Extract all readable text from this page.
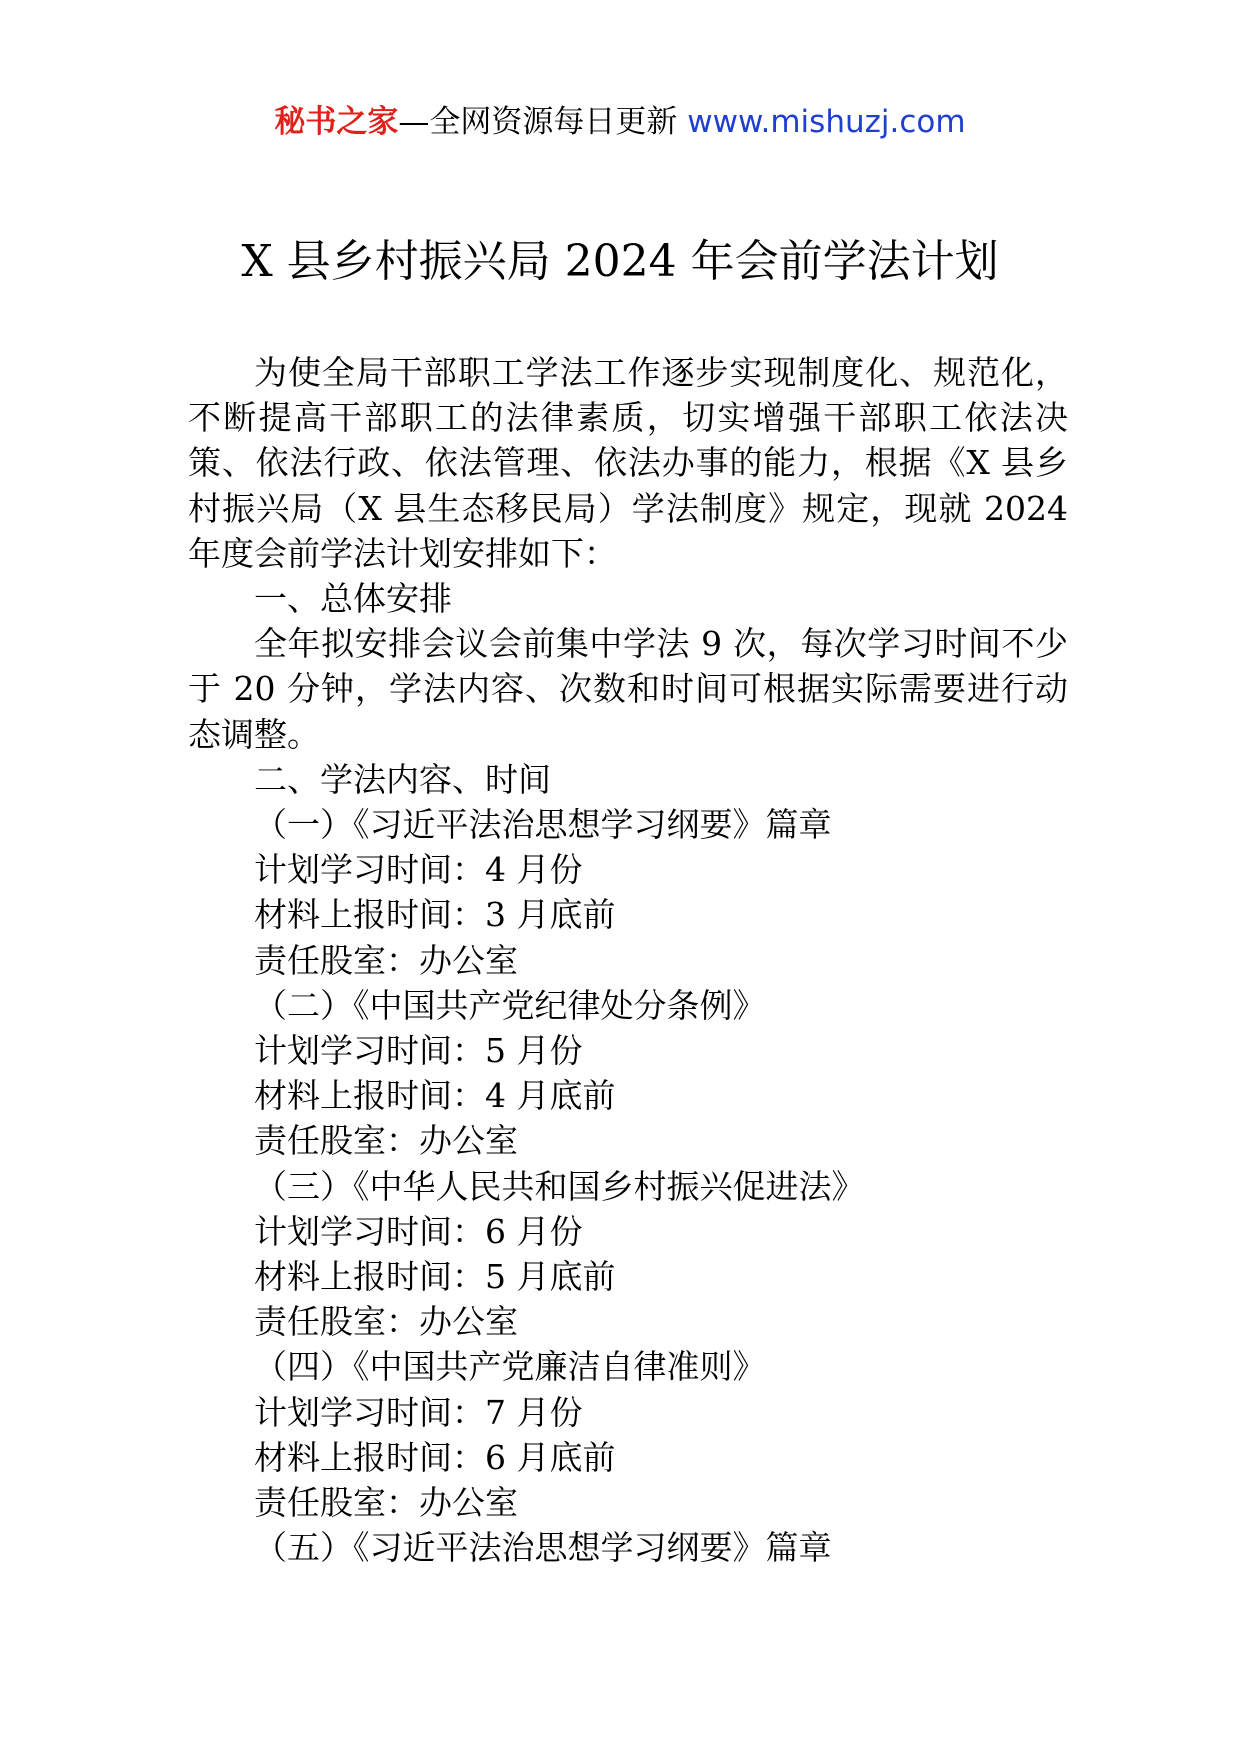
秘书之家—全网资源每日更新 www.mishuzj.com
X 县乡村振兴局 2024 年会前学法计划

为使全局干部职工学法工作逐步实现制度化、规范化，不断提高干部职工的法律素质，切实增强干部职工依法决策、依法行政、依法管理、依法办事的能力，根据《X 县乡村振兴局（X 县生态移民局）学法制度》规定，现就 2024 年度会前学法计划安排如下：

一、总体安排

全年拟安排会议会前集中学法 9 次，每次学习时间不少于 20 分钟，学法内容、次数和时间可根据实际需要进行动态调整。

二、学法内容、时间

（一）《习近平法治思想学习纲要》篇章

计划学习时间：4 月份

材料上报时间：3 月底前

责任股室：办公室

（二）《中国共产党纪律处分条例》

计划学习时间：5 月份

材料上报时间：4 月底前

责任股室：办公室

（三）《中华人民共和国乡村振兴促进法》

计划学习时间：6 月份

材料上报时间：5 月底前

责任股室：办公室

（四）《中国共产党廉洁自律准则》

计划学习时间：7 月份

材料上报时间：6 月底前

责任股室：办公室

（五）《习近平法治思想学习纲要》篇章
